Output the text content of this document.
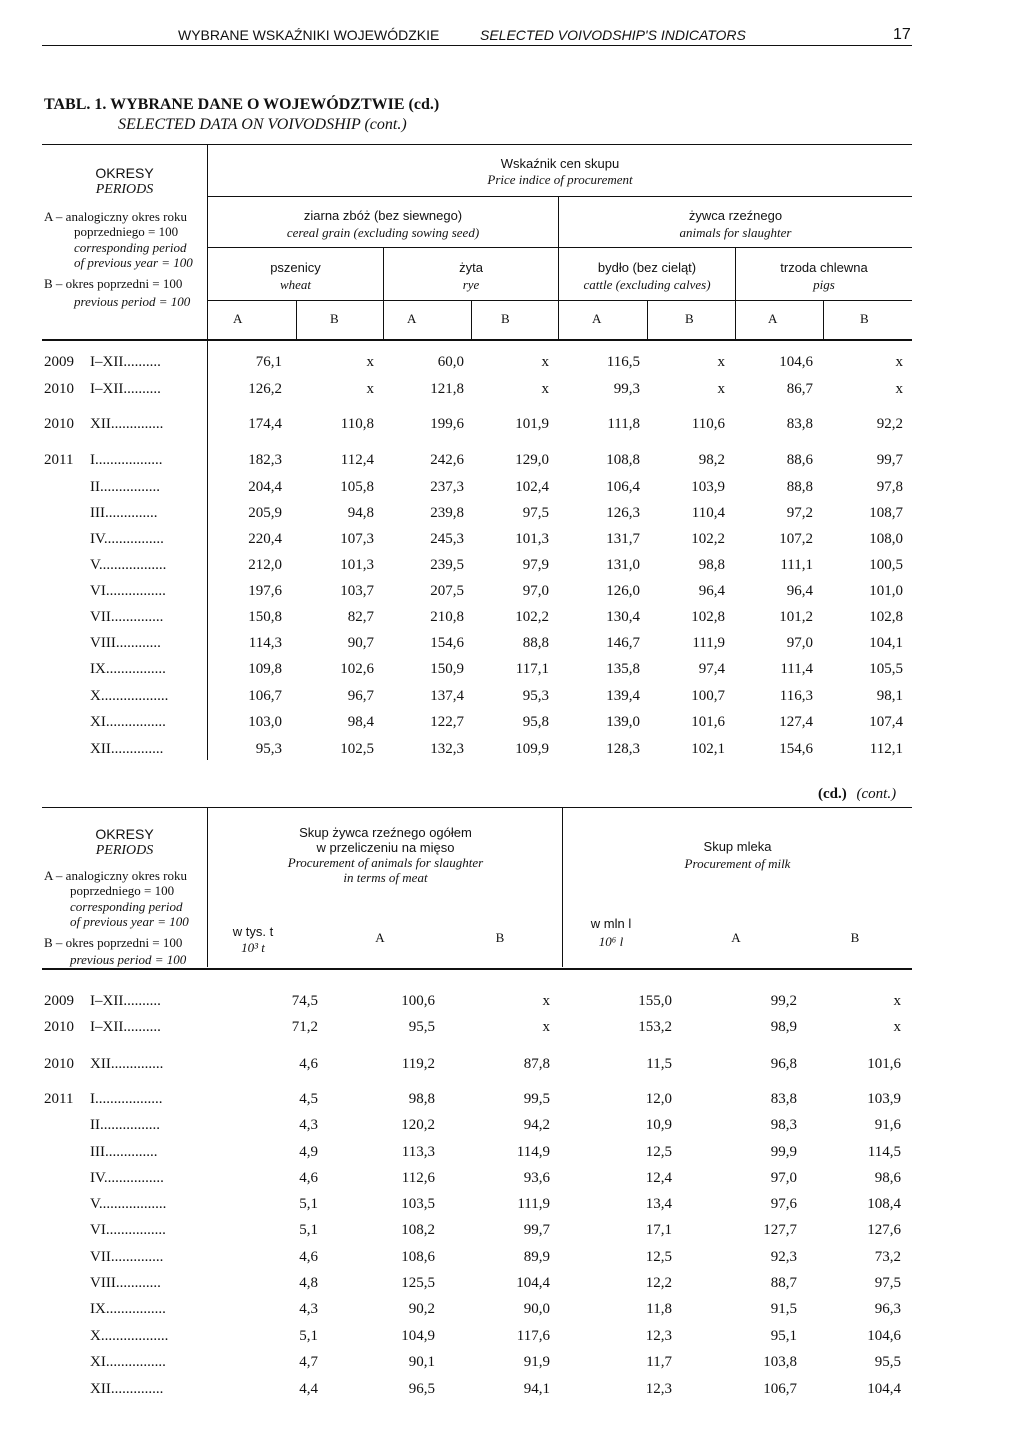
WYBRANE WSKAŹNIKI WOJEWÓDZKIE	SELECTED VOIVODSHIP'S INDICATORS	17
TABL. 1. WYBRANE DANE O WOJEWÓDZTWIE (cd.)
SELECTED DATA ON VOIVODSHIP (cont.)
OKRESY
PERIODS
A – analogiczny okres roku
poprzedniego = 100
corresponding period
of previous year = 100
B – okres poprzedni = 100
previous period = 100
Wskaźnik cen skupu
Price indice of procurement
ziarna zbóż (bez siewnego)
cereal grain (excluding sowing seed)
żywca rzeźnego
animals for slaughter
pszenicy
wheat
żyta
rye
bydło (bez cieląt)
cattle (excluding calves)
trzoda chlewna
pigs
A	B	A	B	A	B	A	B
2009 I–XII..........	76,1	x	60,0	x	116,5	x	104,6	x
2010 I–XII..........	126,2	x	121,8	x	99,3	x	86,7	x
2010 XII..............	174,4	110,8	199,6	101,9	111,8	110,6	83,8	92,2
2011 I..................	182,3	112,4	242,6	129,0	108,8	98,2	88,6	99,7
II................	204,4	105,8	237,3	102,4	106,4	103,9	88,8	97,8
III..............	205,9	94,8	239,8	97,5	126,3	110,4	97,2	108,7
IV................	220,4	107,3	245,3	101,3	131,7	102,2	107,2	108,0
V..................	212,0	101,3	239,5	97,9	131,0	98,8	111,1	100,5
VI................	197,6	103,7	207,5	97,0	126,0	96,4	96,4	101,0
VII..............	150,8	82,7	210,8	102,2	130,4	102,8	101,2	102,8
VIII............	114,3	90,7	154,6	88,8	146,7	111,9	97,0	104,1
IX................	109,8	102,6	150,9	117,1	135,8	97,4	111,4	105,5
X..................	106,7	96,7	137,4	95,3	139,4	100,7	116,3	98,1
XI................	103,0	98,4	122,7	95,8	139,0	101,6	127,4	107,4
XII..............	95,3	102,5	132,3	109,9	128,3	102,1	154,6	112,1
(cd.) (cont.)
OKRESY
PERIODS
A – analogiczny okres roku
poprzedniego = 100
corresponding period
of previous year = 100
B – okres poprzedni = 100
previous period = 100
Skup żywca rzeźnego ogółem
w przeliczeniu na mięso
Procurement of animals for slaughter
in terms of meat
Skup mleka
Procurement of milk
w tys. t
10³ t
A	B
w mln l
10⁶ l	A	B
2009 I–XII..........	74,5	100,6	x	155,0	99,2	x
2010 I–XII..........	71,2	95,5	x	153,2	98,9	x
2010 XII..............	4,6	119,2	87,8	11,5	96,8	101,6
2011 I..................	4,5	98,8	99,5	12,0	83,8	103,9
II................	4,3	120,2	94,2	10,9	98,3	91,6
III..............	4,9	113,3	114,9	12,5	99,9	114,5
IV................	4,6	112,6	93,6	12,4	97,0	98,6
V..................	5,1	103,5	111,9	13,4	97,6	108,4
VI................	5,1	108,2	99,7	17,1	127,7	127,6
VII..............	4,6	108,6	89,9	12,5	92,3	73,2
VIII............	4,8	125,5	104,4	12,2	88,7	97,5
IX................	4,3	90,2	90,0	11,8	91,5	96,3
X..................	5,1	104,9	117,6	12,3	95,1	104,6
XI................	4,7	90,1	91,9	11,7	103,8	95,5
XII..............	4,4	96,5	94,1	12,3	106,7	104,4
